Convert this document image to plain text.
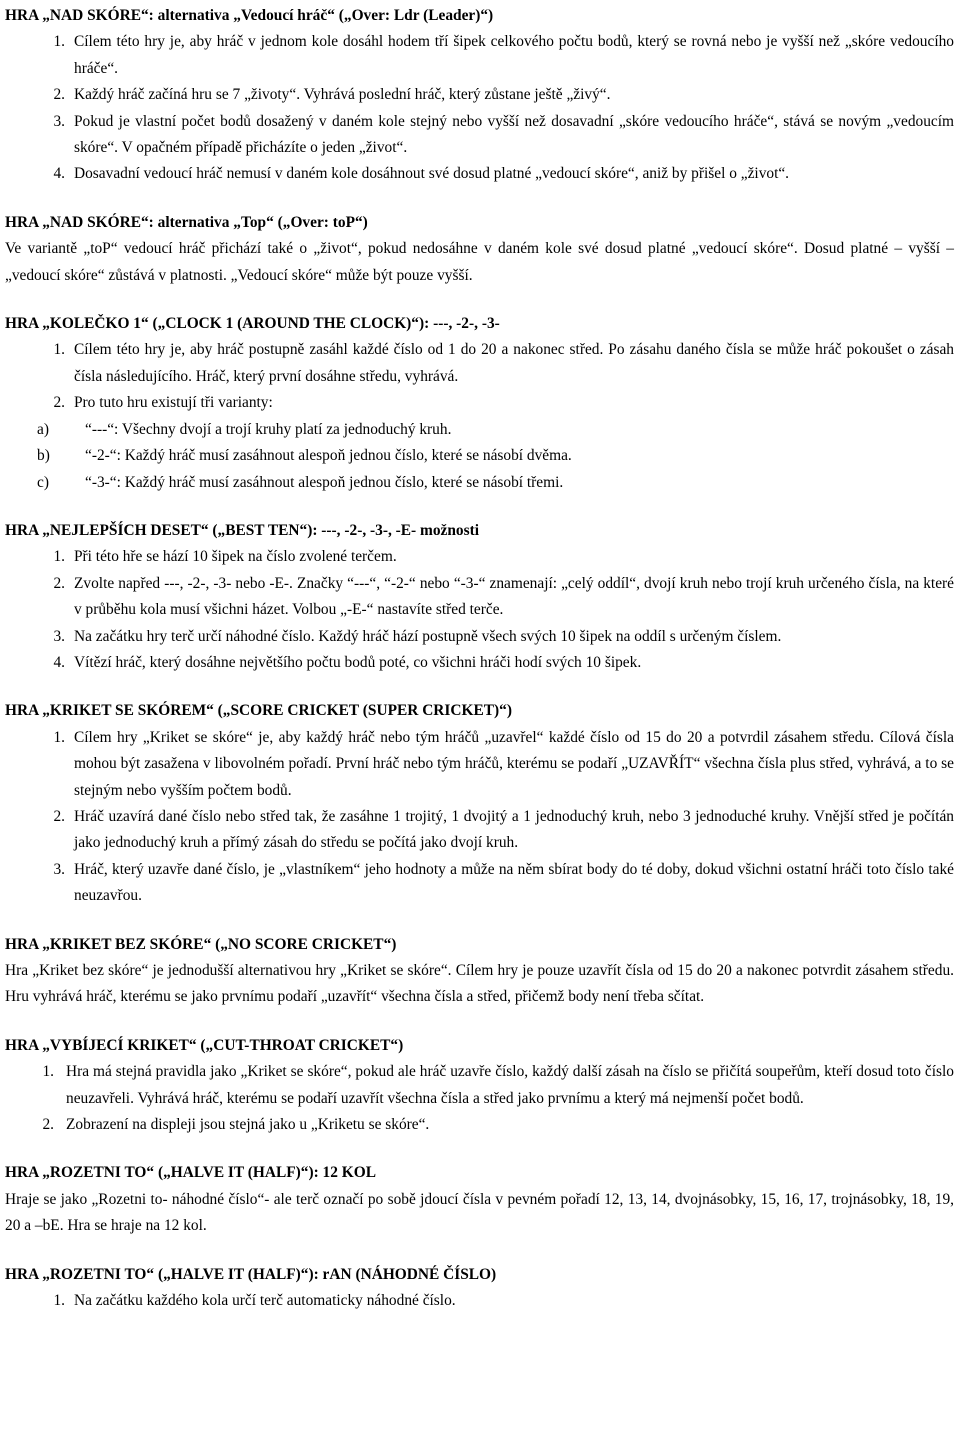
HRA „NAD SKÓRE“: alternativa „Vedoucí hráč“ („Over: Ldr (Leader)“)
1. Cílem této hry je, aby hráč v jednom kole dosáhl hodem tří šipek celkového počtu bodů, který se rovná nebo je vyšší než „skóre vedoucího hráče“.
2. Každý hráč začíná hru se 7 „životy“. Vyhrává poslední hráč, který zůstane ještě „živý“.
3. Pokud je vlastní počet bodů dosažený v daném kole stejný nebo vyšší než dosavadní „skóre vedoucího hráče“, stává se novým „vedoucím skóre“. V opačném případě přicházíte o jeden „život“.
4. Dosavadní vedoucí hráč nemusí v daném kole dosáhnout své dosud platné „vedoucí skóre“, aniž by přišel o „život“.
HRA „NAD SKÓRE“: alternativa „Top“ („Over: toP“)

Ve variantě „toP“ vedoucí hráč přichází také o „život“, pokud nedosáhne v daném kole své dosud platné „vedoucí skóre“. Dosud platné – vyšší – „vedoucí skóre“ zůstává v platnosti. „Vedoucí skóre“ může být pouze vyšší.

HRA „KOLEČKO 1“ („CLOCK 1 (AROUND THE CLOCK)“): ---, -2-, -3-
1. Cílem této hry je, aby hráč postupně zasáhl každé číslo od 1 do 20 a nakonec střed. Po zásahu daného čísla se může hráč pokoušet o zásah čísla následujícího. Hráč, který první dosáhne středu, vyhrává.
2. Pro tuto hru existují tři varianty:
a)	“---“: Všechny dvojí a trojí kruhy platí za jednoduchý kruh.
b)	“-2-“: Každý hráč musí zasáhnout alespoň jednou číslo, které se násobí dvěma.
c)	“-3-“: Každý hráč musí zasáhnout alespoň jednou číslo, které se násobí třemi.
HRA „NEJLEPŠÍCH DESET“ („BEST TEN“): ---, -2-, -3-, -E- možnosti
1. Při této hře se hází 10 šipek na číslo zvolené terčem.
2. Zvolte napřed ---, -2-, -3- nebo -E-. Značky “---“, “-2-“ nebo “-3-“ znamenají: „celý oddíl“, dvojí kruh nebo trojí kruh určeného čísla, na které v průběhu kola musí všichni házet. Volbou „-E-“ nastavíte střed terče.
3. Na začátku hry terč určí náhodné číslo. Každý hráč hází postupně všech svých 10 šipek na oddíl s určeným číslem.
4. Vítězí hráč, který dosáhne největšího počtu bodů poté, co všichni hráči hodí svých 10 šipek.
HRA „KRIKET SE SKÓREM“ („SCORE CRICKET (SUPER CRICKET)“)
1. Cílem hry „Kriket se skóre“ je, aby každý hráč nebo tým hráčů „uzavřel“ každé číslo od 15 do 20 a potvrdil zásahem středu. Cílová čísla mohou být zasažena v libovolném pořadí. První hráč nebo tým hráčů, kterému se podaří „UZAVŘÍT“ všechna čísla plus střed, vyhrává, a to se stejným nebo vyšším počtem bodů.
2. Hráč uzavírá dané číslo nebo střed tak, že zasáhne 1 trojitý, 1 dvojitý a 1 jednoduchý kruh, nebo 3 jednoduché kruhy. Vnější střed je počítán jako jednoduchý kruh a přímý zásah do středu se počítá jako dvojí kruh.
3. Hráč, který uzavře dané číslo, je „vlastníkem“ jeho hodnoty a může na něm sbírat body do té doby, dokud všichni ostatní hráči toto číslo také neuzavřou.
HRA „KRIKET BEZ SKÓRE“ („NO SCORE CRICKET“)

Hra „Kriket bez skóre“ je jednodušší alternativou hry „Kriket se skóre“. Cílem hry je pouze uzavřít čísla od 15 do 20 a nakonec potvrdit zásahem středu. Hru vyhrává hráč, kterému se jako prvnímu podaří „uzavřít“ všechna čísla a střed, přičemž body není třeba sčítat.

HRA „VYBÍJECÍ KRIKET“ („CUT-THROAT CRICKET“)
1. Hra má stejná pravidla jako „Kriket se skóre“, pokud ale hráč uzavře číslo, každý další zásah na číslo se přičítá soupeřům, kteří dosud toto číslo neuzavřeli. Vyhrává hráč, kterému se podaří uzavřít všechna čísla a střed jako prvnímu a který má nejmenší počet bodů.
2. Zobrazení na displeji jsou stejná jako u „Kriketu se skóre“.
HRA „ROZETNI TO“ („HALVE IT (HALF)“): 12 KOL

Hraje se jako „Rozetni to- náhodné číslo“- ale terč označí po sobě jdoucí čísla v pevném pořadí 12, 13, 14, dvojnásobky, 15, 16, 17, trojnásobky, 18, 19, 20 a –bE. Hra se hraje na 12 kol.

HRA „ROZETNI TO“ („HALVE IT (HALF)“): rAN (NÁHODNÉ ČÍSLO)
1. Na začátku každého kola určí terč automaticky náhodné číslo.
